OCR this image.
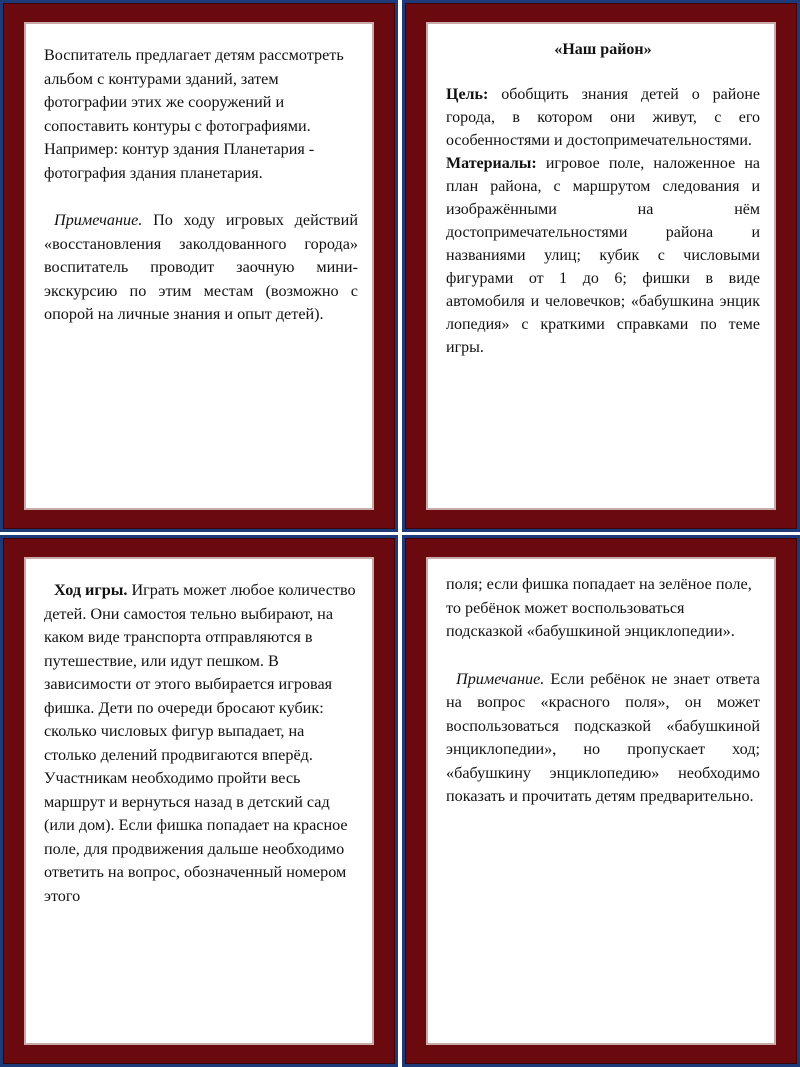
Воспитатель предлагает детям рассмотреть альбом с контурами зданий, затем фотографии этих же сооружений и сопоставить контуры с фотографиями. Например: контур здания Планетария - фотография здания планетария.

Примечание. По ходу игровых действий «восстановления заколдованного города» воспитатель проводит заочную мини-экскурсию по этим местам (возможно с опорой на личные знания и опыт детей).

«Наш район»

Цель: обобщить знания детей о районе города, в котором они живут, с его особенностями и достопримечательностями.

Материалы: игровое поле, наложенное на план района, с маршрутом следования и изображёнными на нём достопримечательностями района и названиями улиц; кубик с числовыми фигурами от 1 до 6; фишки в виде автомобиля и человечков; «бабушкина энцик лопедия» с краткими справками по теме игры.

Ход игры. Играть может любое количество детей. Они самостоя тельно выбирают, на каком виде транспорта отправляются в путешествие, или идут пешком. В зависимости от этого выбирается игровая фишка. Дети по очереди бросают кубик: сколько числовых фигур выпадает, на столько делений продвигаются вперёд. Участникам необходимо пройти весь маршрут и вернуться назад в детский сад (или дом). Если фишка попадает на красное поле, для продвижения дальше необходимо ответить на вопрос, обозначенный номером этого

поля; если фишка попадает на зелёное поле, то ребёнок может воспользоваться подсказкой «бабушкиной энциклопедии».

Примечание. Если ребёнок не знает ответа на вопрос «красного поля», он может воспользоваться подсказкой «бабушкиной энциклопедии», но пропускает ход; «бабушкину энциклопедию» необходимо показать и прочитать детям предварительно.
